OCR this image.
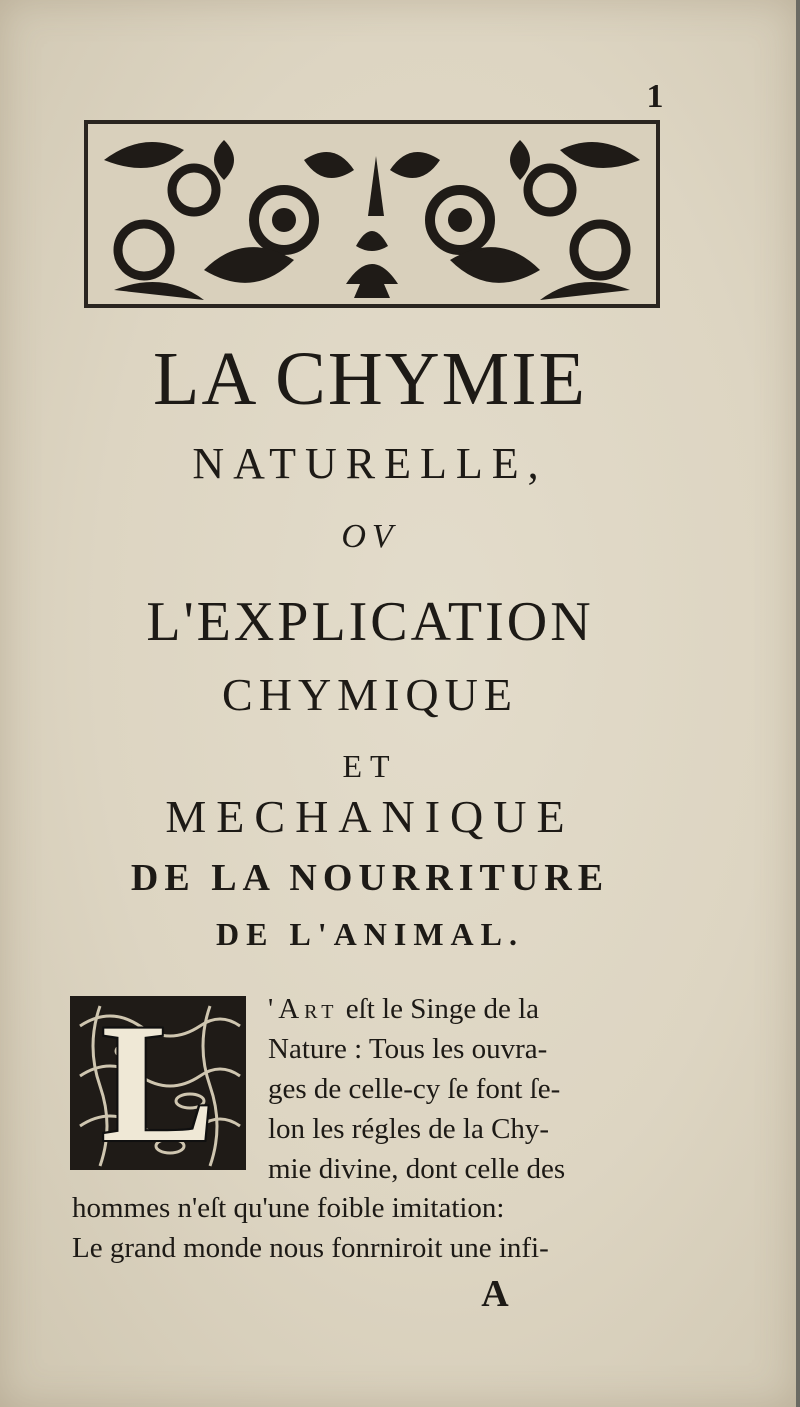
1
LA CHYMIE
NATURELLE,
OV
L'EXPLICATION
CHYMIQUE
ET
MECHANIQUE
DE LA NOURRITURE
DE L'ANIMAL.
L	'Art eſt le Singe de la
Nature : Tous les ouvra-
ges de celle-cy ſe font ſe-
lon les régles de la Chy-
mie divine, dont celle des
hommes n'eſt qu'une foible imitation:
Le grand monde nous fonrniroit une infi-
A
